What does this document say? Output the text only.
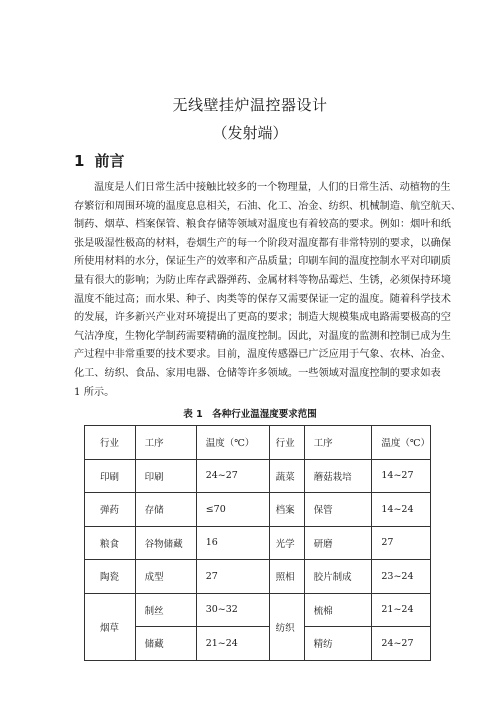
无线壁挂炉温控器设计
（发射端）
1 前言
温度是人们日常生活中接触比较多的一个物理量，人们的日常生活、动植物的生
存繁衍和周围环境的温度息息相关，石油、化工、冶金、纺织、机械制造、航空航天、
制药、烟草、档案保管、粮食存储等领域对温度也有着较高的要求。例如：烟叶和纸
张是吸湿性极高的材料，卷烟生产的每一个阶段对温度都有非常特别的要求，以确保
所使用材料的水分，保证生产的效率和产品质量；印刷车间的温度控制水平对印刷质
量有很大的影响；为防止库存武器弹药、金属材料等物品霉烂、生锈，必须保持环境
温度不能过高；而水果、种子、肉类等的保存又需要保证一定的温度。随着科学技术
的发展，许多新兴产业对环境提出了更高的要求；制造大规模集成电路需要极高的空
气洁净度，生物化学制药需要精确的温度控制。因此，对温度的监测和控制已成为生
产过程中非常重要的技术要求。目前，温度传感器已广泛应用于气象、农林、冶金、
化工、纺织、食品、家用电器、仓储等许多领域。一些领域对温度控制的要求如表
1 所示。
表 1　各种行业温湿度要求范围
行业	工序	温度（℃）	行业	工序	温度（℃）
印刷	印刷	24~27	蔬菜	蘑菇栽培	14~27
弹药	存储	≤70	档案	保管	14~24
粮食	谷物储藏	16	光学	研磨	27
陶瓷	成型	27	照相	胶片制成	23~24
烟草	制丝	30~32	纺织	梳棉	21~24
	储藏	21~24		精纺	24~27
